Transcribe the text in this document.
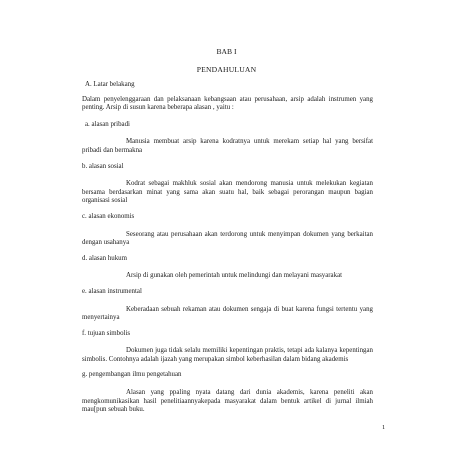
BAB I
PENDAHULUAN
A. Latar belakang

Dalam penyelenggaraan dan pelaksanaan kebangsaan atau perusahaan, arsip adalah instrumen yang penting. Arsip di susun karena beberapa alasan , yaitu :

a. alasan pribadi

Manusia membuat arsip karena kodratnya untuk merekam setiap hal yang bersifat pribadi dan bermakna

b. alasan sosial

Kodrat sebagai makhluk sosial akan mendorong manusia untuk melekukan kegiatan bersama berdasarkan minat yang sama akan suatu hal, baik sebagai perorangan maupun bagian organisasi sosial

c. alasan ekonomis

Seseorang atau perusahaan akan terdorong untuk menyimpan dokumen yang berkaitan dengan usahanya

d. alasan hukum

Arsip di gunakan oleh pemerintah untuk melindungi dan melayani masyarakat

e. alasan instrumental

Keberadaan sebuah rekaman atau dokumen sengaja di buat karena fungsi tertentu yang menyertainya

f. tujuan simbolis

Dokumen juga tidak selalu memiliki kepentingan praktis, tetapi ada kalanya kepentingan simbolis. Contohnya adalah ijazah yang merupakan simbol keberhasilan dalam bidang akademis

g. pengembangan ilmu pengetahuan

Alasan yang ppaling nyata datang dari dunia akademis, karena peneliti akan mengkomunikasikan hasil penelitiaannyakepada masyarakat dalam bentuk artikel di jurnal ilmiah mau[pun sebuah buku.

1
